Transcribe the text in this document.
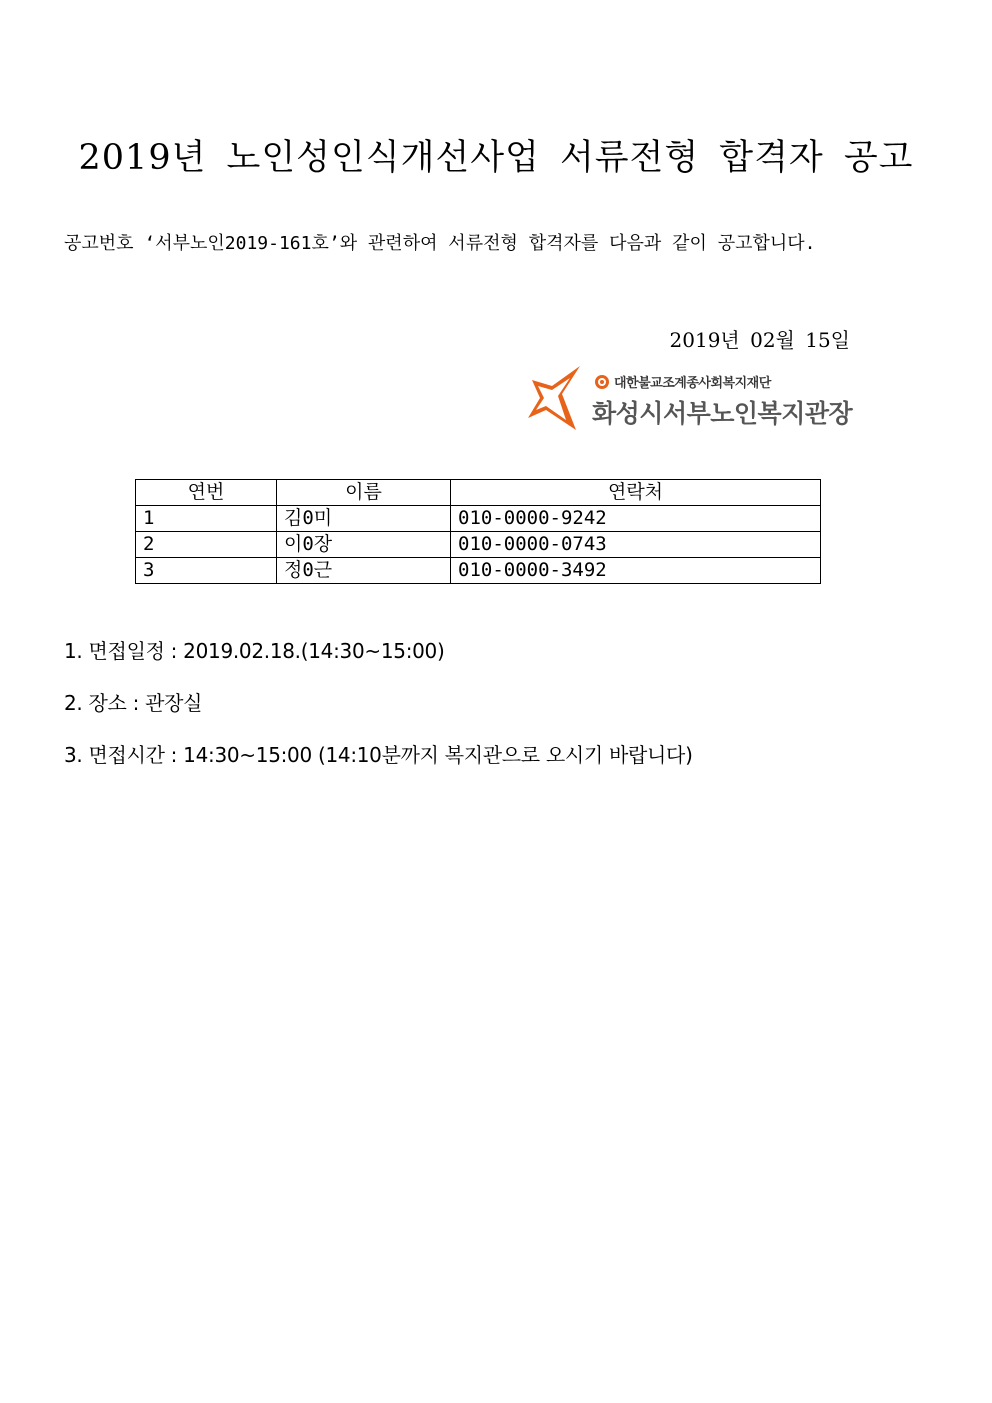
2019년 노인성인식개선사업 서류전형 합격자 공고

공고번호 ‘서부노인2019-161호’와 관련하여 서류전형 합격자를 다음과 같이 공고합니다.

2019년 02월 15일
대한불교조계종사회복지재단
화성시서부노인복지관장
연번	이름	연락처
1	김0미	010-0000-9242
2	이0장	010-0000-0743
3	정0근	010-0000-3492
1. 면접일정 : 2019.02.18.(14:30~15:00)
2. 장소 : 관장실
3. 면접시간 : 14:30~15:00 (14:10분까지 복지관으로 오시기 바랍니다)
